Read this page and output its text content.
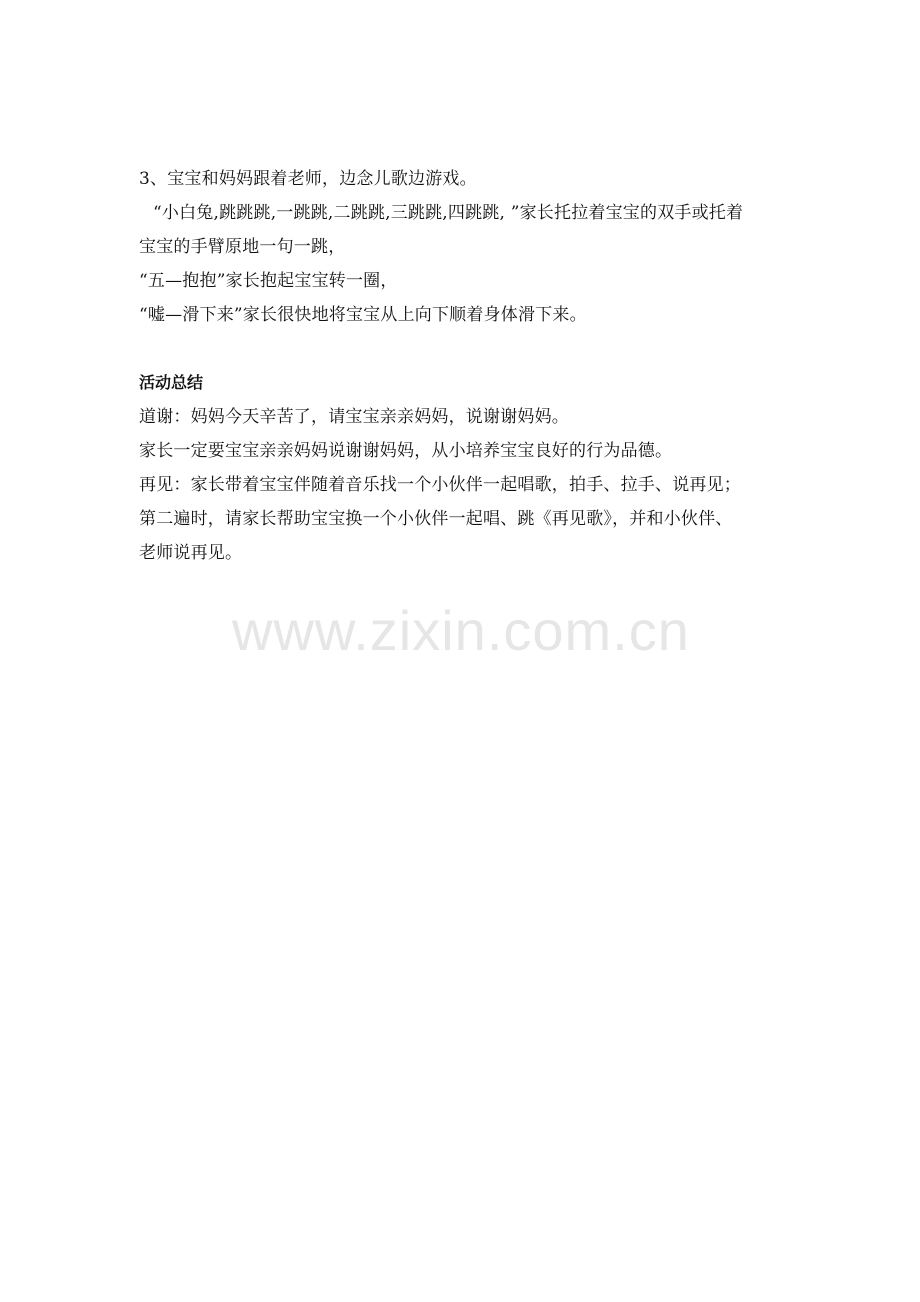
3、宝宝和妈妈跟着老师，边念儿歌边游戏。
“小白兔,跳跳跳,一跳跳,二跳跳,三跳跳,四跳跳, ”家长托拉着宝宝的双手或托着
宝宝的手臂原地一句一跳，
“五—抱抱”家长抱起宝宝转一圈，
“嘘—滑下来”家长很快地将宝宝从上向下顺着身体滑下来。
活动总结
道谢：妈妈今天辛苦了，请宝宝亲亲妈妈，说谢谢妈妈。
家长一定要宝宝亲亲妈妈说谢谢妈妈，从小培养宝宝良好的行为品德。
再见：家长带着宝宝伴随着音乐找一个小伙伴一起唱歌，拍手、拉手、说再见；
第二遍时，请家长帮助宝宝换一个小伙伴一起唱、跳《再见歌》，并和小伙伴、
老师说再见。
www.zixin.com.cn
